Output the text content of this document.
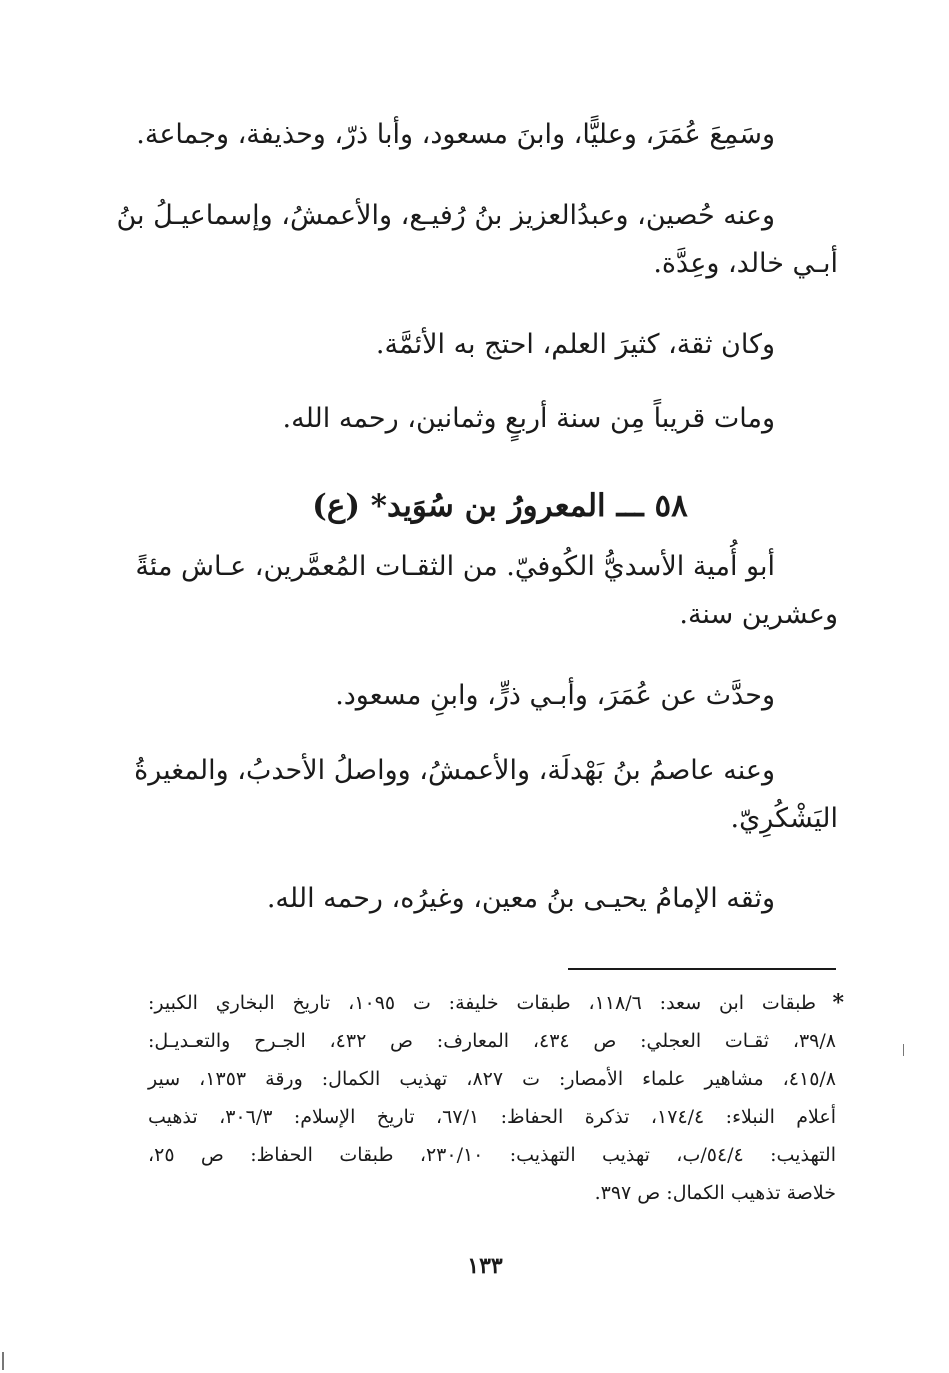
وسَمِعَ عُمَرَ، وعليًّا، وابنَ مسعود، وأبا ذرّ، وحذيفة، وجماعة.
وعنه حُصين، وعبدُالعزيز بنُ رُفيـع، والأعمشُ، وإسماعيـلُ بنُ
أبـي خالد، وعِدَّة.
وكان ثقة، كثيرَ العلم، احتج به الأئمَّة.
ومات قريباً مِن سنة أربعٍ وثمانين، رحمه الله.
٥٨ ـــ المعرورُ بن سُوَيد* (ع)
أبو أُمية الأسديُّ الكُوفيّ. من الثقـات المُعمَّرين، عـاش مئةً
وعشرين سنة.
وحدَّث عن عُمَرَ، وأبـي ذرٍّ، وابنِ مسعود.
وعنه عاصمُ بنُ بَهْدلَة، والأعمشُ، وواصلُ الأحدبُ، والمغيرةُ
اليَشْكُرِيّ.
وثقه الإمامُ يحيـى بنُ معين، وغيرُه، رحمه الله.
*
طبقات ابن سعد: ١١٨/٦، طبقات خليفة: ت ١٠٩٥، تاريخ البخاري الكبير:
٣٩/٨، ثقـات العجلي: ص ٤٣٤، المعارف: ص ٤٣٢، الجـرح والتعـديـل:
٤١٥/٨، مشاهير علماء الأمصار: ت ٨٢٧، تهذيب الكمال: ورقة ١٣٥٣، سير
أعلام النبلاء: ١٧٤/٤، تذكرة الحفاظ: ٦٧/١، تاريخ الإسلام: ٣٠٦/٣، تذهيب
التهذيب: ٥٤/٤/ب، تهذيب التهذيب: ٢٣٠/١٠، طبقات الحفاظ: ص ٢٥،
خلاصة تذهيب الكمال: ص ٣٩٧.
١٣٣
